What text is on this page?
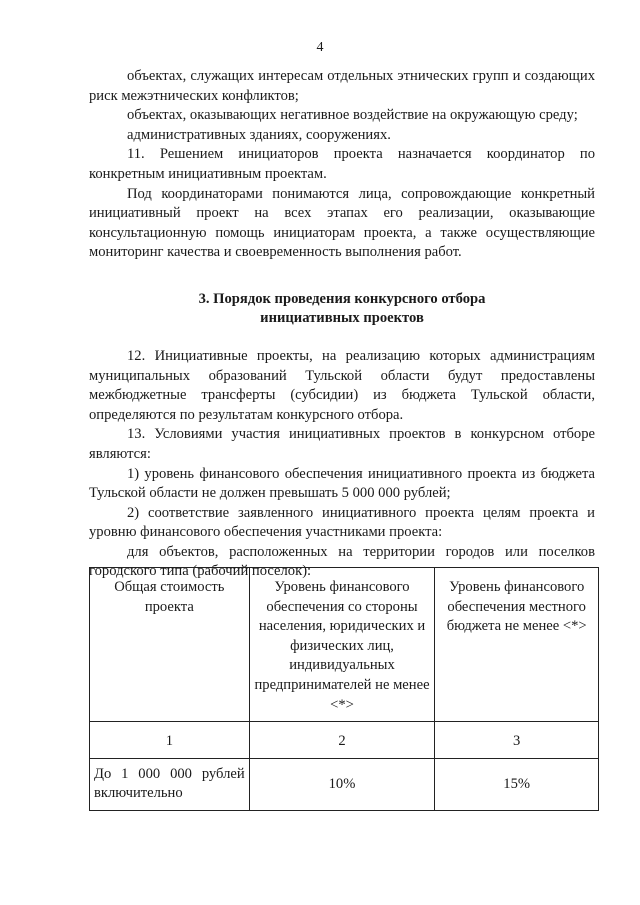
4

объектах, служащих интересам отдельных этнических групп и создающих риск межэтнических конфликтов;

объектах, оказывающих негативное воздействие на окружающую среду;

административных зданиях, сооружениях.

11. Решением инициаторов проекта назначается координатор по конкретным инициативным проектам.

Под координаторами понимаются лица, сопровождающие конкретный инициативный проект на всех этапах его реализации, оказывающие консультационную помощь инициаторам проекта, а также осуществляющие мониторинг качества и своевременность выполнения работ.

3. Порядок проведения конкурсного отбора
инициативных проектов

12. Инициативные проекты, на реализацию которых администрациям муниципальных образований Тульской области будут предоставлены межбюджетные трансферты (субсидии) из бюджета Тульской области, определяются по результатам конкурсного отбора.

13. Условиями участия инициативных проектов в конкурсном отборе являются:

1) уровень финансового обеспечения инициативного проекта из бюджета Тульской области не должен превышать 5 000 000 рублей;

2) соответствие заявленного инициативного проекта целям проекта и уровню финансового обеспечения участниками проекта:

для объектов, расположенных на территории городов или поселков городского типа (рабочий поселок):

Общая стоимость проекта	Уровень финансового обеспечения со стороны населения, юридических и физических лиц, индивидуальных предпринимателей не менее <*>	Уровень финансового обеспечения местного бюджета не менее <*>
1	2	3
До 1 000 000 рублей включительно	10%	15%
